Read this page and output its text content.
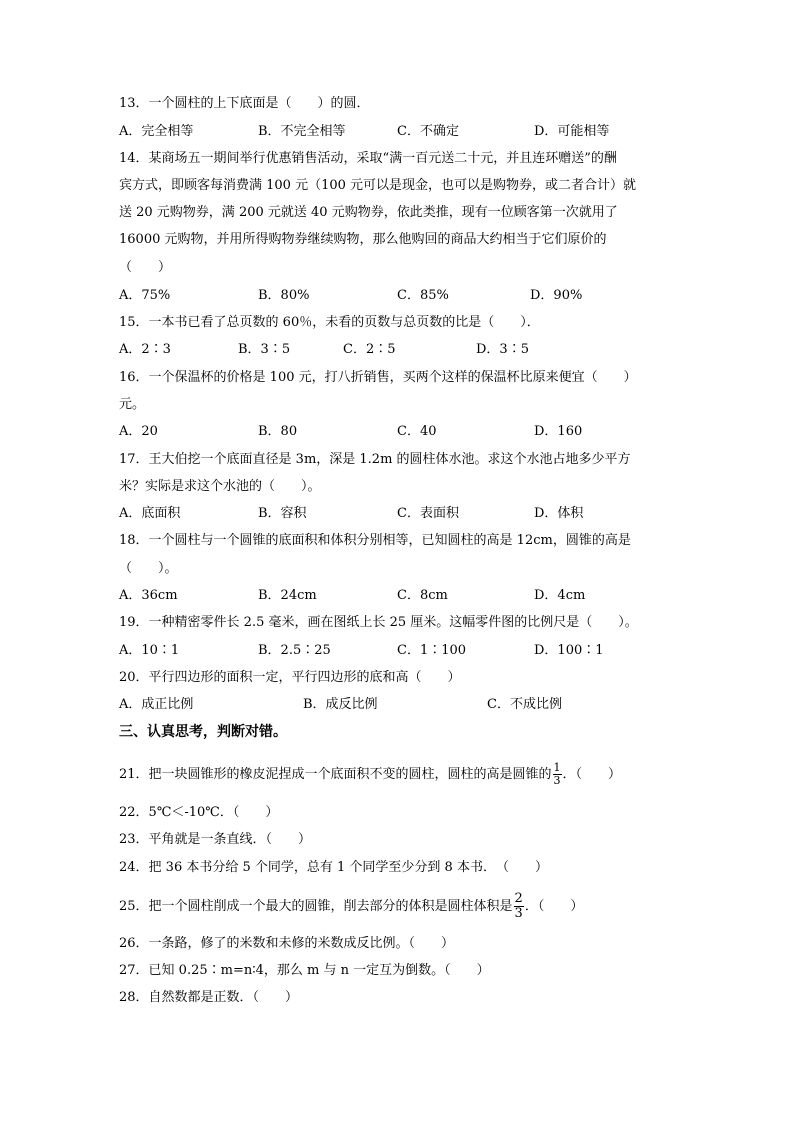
13．一个圆柱的上下底面是（　　）的圆．
A．完全相等	B．不完全相等	C．不确定	D．可能相等
14．某商场五一期间举行优惠销售活动，采取“满一百元送二十元，并且连环赠送”的酬
宾方式，即顾客每消费满 100 元（100 元可以是现金，也可以是购物券，或二者合计）就
送 20 元购物券，满 200 元就送 40 元购物券，依此类推，现有一位顾客第一次就用了
16000 元购物，并用所得购物券继续购物，那么他购回的商品大约相当于它们原价的
（　　）
A．75%	B．80%	C．85%	D．90%
15．一本书已看了总页数的 60％，未看的页数与总页数的比是（　　）．
A．2∶3	B．3∶5	C．2∶5	D．3∶5
16．一个保温杯的价格是 100 元，打八折销售，买两个这样的保温杯比原来便宜（　　）
元。
A．20	B．80	C．40	D．160
17．王大伯挖一个底面直径是 3m，深是 1.2m 的圆柱体水池。求这个水池占地多少平方
米？实际是求这个水池的（　　）。
A．底面积	B．容积	C．表面积	D．体积
18．一个圆柱与一个圆锥的底面积和体积分别相等，已知圆柱的高是 12cm，圆锥的高是
（　　）。
A．36cm	B．24cm	C．8cm	D．4cm
19．一种精密零件长 2.5 毫米，画在图纸上长 25 厘米。这幅零件图的比例尺是（　　）。
A．10∶1	B．2.5∶25	C．1∶100	D．100∶1
20．平行四边形的面积一定，平行四边形的底和高（　　）
A．成正比例	B．成反比例	C．不成比例
三、认真思考，判断对错。
21．把一块圆锥形的橡皮泥捏成一个底面积不变的圆柱，圆柱的高是圆锥的 $\frac{1}{3}$ ．（　　）
22．5℃＜-10℃．（　　）
23．平角就是一条直线．（　　）
24．把 36 本书分给 5 个同学，总有 1 个同学至少分到 8 本书．　（　　）
25．把一个圆柱削成一个最大的圆锥，削去部分的体积是圆柱体积是 $\frac{2}{3}$ ．（　　）
26．一条路，修了的米数和未修的米数成反比例。（　　）
27．已知 0.25∶m=n∶4，那么 m 与 n 一定互为倒数。（　　）
28．自然数都是正数．（　　）
